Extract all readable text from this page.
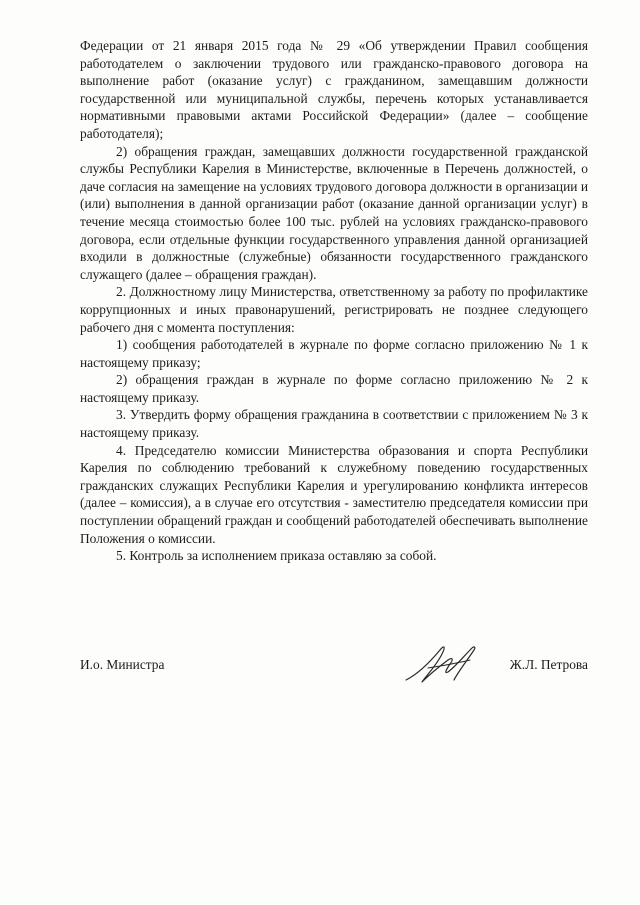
Федерации от 21 января 2015 года № 29 «Об утверждении Правил сообщения работодателем о заключении трудового или гражданско-правового договора на выполнение работ (оказание услуг) с гражданином, замещавшим должности государственной или муниципальной службы, перечень которых устанавливается нормативными правовыми актами Российской Федерации» (далее – сообщение работодателя);

2) обращения граждан, замещавших должности государственной гражданской службы Республики Карелия в Министерстве, включенные в Перечень должностей, о даче согласия на замещение на условиях трудового договора должности в организации и (или) выполнения в данной организации работ (оказание данной организации услуг) в течение месяца стоимостью более 100 тыс. рублей на условиях гражданско-правового договора, если отдельные функции государственного управления данной организацией входили в должностные (служебные) обязанности государственного гражданского служащего (далее – обращения граждан).

2. Должностному лицу Министерства, ответственному за работу по профилактике коррупционных и иных правонарушений, регистрировать не позднее следующего рабочего дня с момента поступления:

1) сообщения работодателей в журнале по форме согласно приложению № 1 к настоящему приказу;

2) обращения граждан в журнале по форме согласно приложению № 2 к настоящему приказу.

3. Утвердить форму обращения гражданина в соответствии с приложением № 3 к настоящему приказу.

4. Председателю комиссии Министерства образования и спорта Республики Карелия по соблюдению требований к служебному поведению государственных гражданских служащих Республики Карелия и урегулированию конфликта интересов (далее – комиссия), а в случае его отсутствия - заместителю председателя комиссии при поступлении обращений граждан и сообщений работодателей обеспечивать выполнение Положения о комиссии.

5. Контроль за исполнением приказа оставляю за собой.

И.о. Министра	Ж.Л. Петрова
